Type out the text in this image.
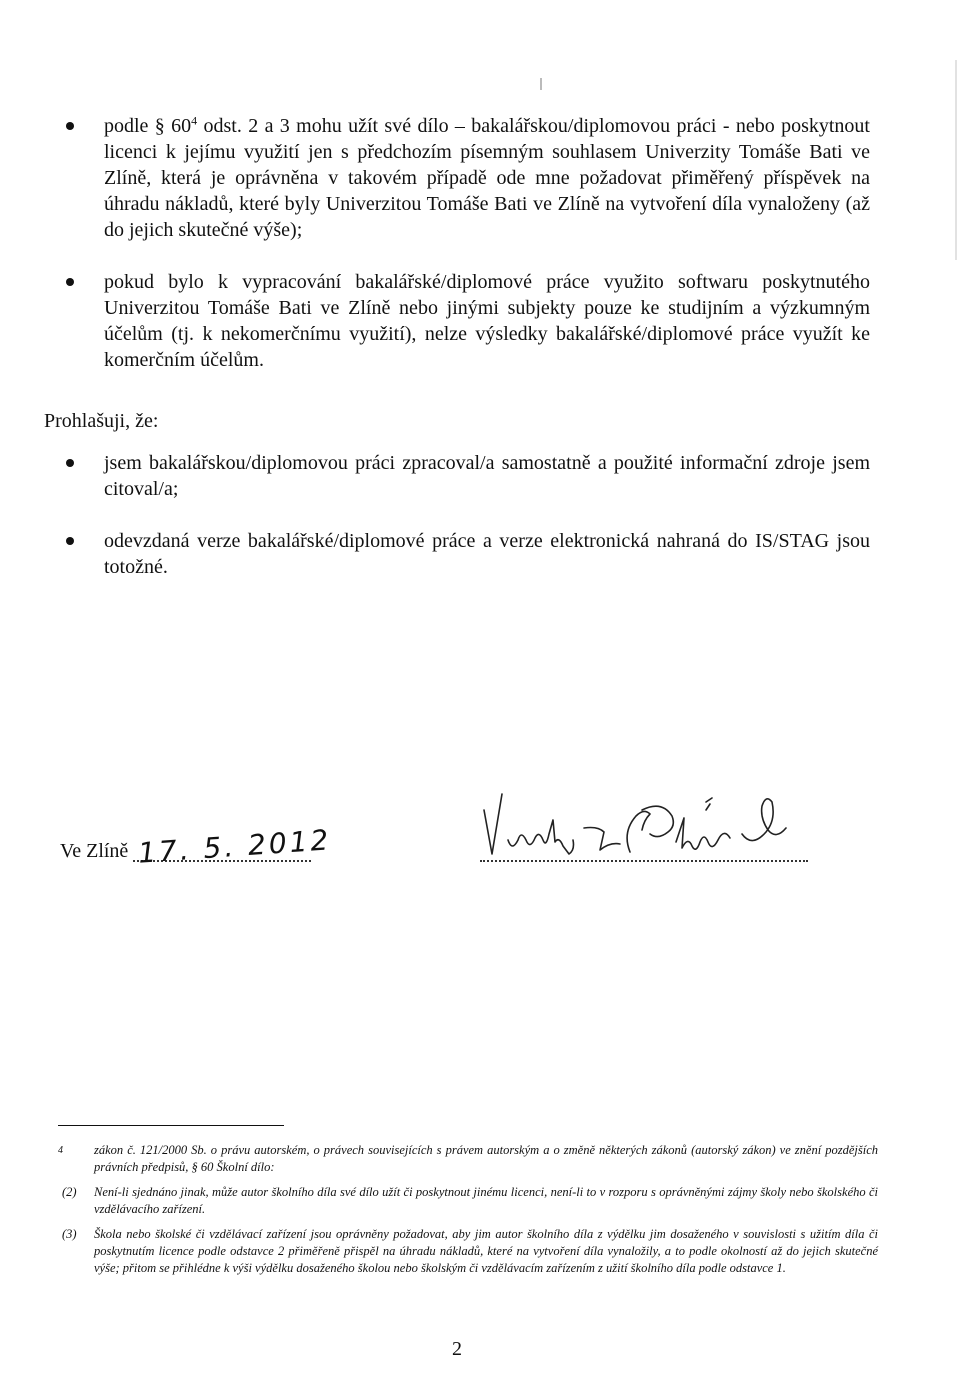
podle § $60^4$ odst. 2 a 3 mohu užít své dílo – bakalářskou/diplomovou práci - nebo poskytnout licenci k jejímu využití jen s předchozím písemným souhlasem Univerzity Tomáše Bati ve Zlíně, která je oprávněna v takovém případě ode mne požadovat přiměřený příspěvek na úhradu nákladů, které byly Univerzitou Tomáše Bati ve Zlíně na vytvoření díla vynaloženy (až do jejich skutečné výše);
pokud bylo k vypracování bakalářské/diplomové práce využito softwaru poskytnutého Univerzitou Tomáše Bati ve Zlíně nebo jinými subjekty pouze ke studijním a výzkumným účelům (tj. k nekomerčnímu využití), nelze výsledky bakalářské/diplomové práce využít ke komerčním účelům.
Prohlašuji, že:
jsem bakalářskou/diplomovou práci zpracoval/a samostatně a použité informační zdroje jsem citoval/a;
odevzdaná verze bakalářské/diplomové práce a verze elektronická nahraná do IS/STAG jsou totožné.
Ve Zlíně 17. 5. 2012
4 zákon č. 121/2000 Sb. o právu autorském, o právech souvisejících s právem autorským a o změně některých zákonů (autorský zákon) ve znění pozdějších právních předpisů, § 60 Školní dílo:
(2) Není-li sjednáno jinak, může autor školního díla své dílo užít či poskytnout jinému licenci, není-li to v rozporu s oprávněnými zájmy školy nebo školského či vzdělávacího zařízení.
(3) Škola nebo školské či vzdělávací zařízení jsou oprávněny požadovat, aby jim autor školního díla z výdělku jim dosaženého v souvislosti s užitím díla či poskytnutím licence podle odstavce 2 přiměřeně přispěl na úhradu nákladů, které na vytvoření díla vynaložily, a to podle okolností až do jejich skutečné výše; přitom se přihlédne k výši výdělku dosaženého školou nebo školským či vzdělávacím zařízením z užití školního díla podle odstavce 1.
2
